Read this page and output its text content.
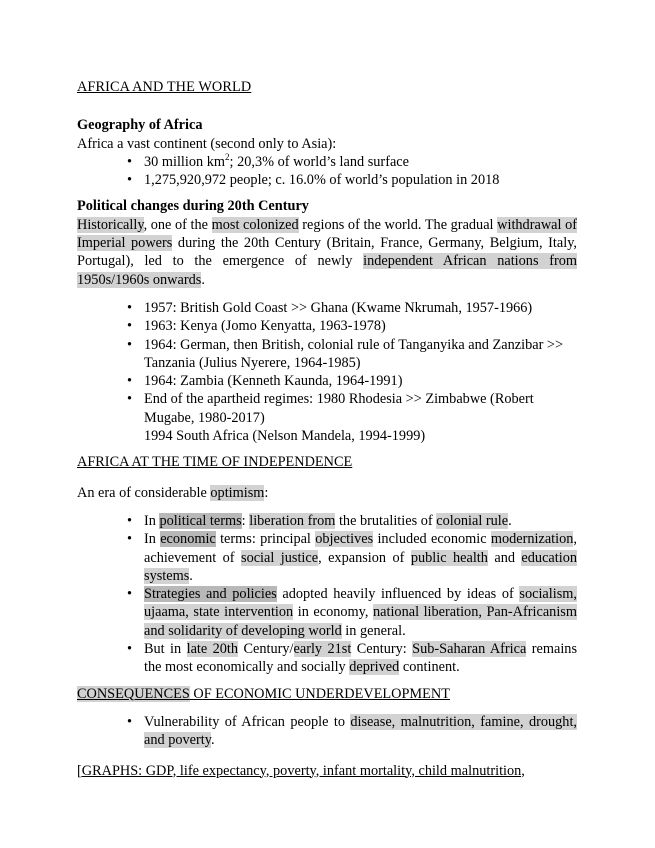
AFRICA AND THE WORLD
Geography of Africa
Africa a vast continent (second only to Asia):
• 30 million $km^2$; 20,3% of world’s land surface
• 1,275,920,972 people; c. 16.0% of world’s population in 2018
Political changes during 20th Century
Historically, one of the most colonized regions of the world. The gradual withdrawal of Imperial powers during the 20th Century (Britain, France, Germany, Belgium, Italy, Portugal), led to the emergence of newly independent African nations from 1950s/1960s onwards.
• 1957: British Gold Coast >> Ghana (Kwame Nkrumah, 1957-1966)
• 1963: Kenya (Jomo Kenyatta, 1963-1978)
• 1964: German, then British, colonial rule of Tanganyika and Zanzibar >> Tanzania (Julius Nyerere, 1964-1985)
• 1964: Zambia (Kenneth Kaunda, 1964-1991)
• End of the apartheid regimes: 1980 Rhodesia >> Zimbabwe (Robert Mugabe, 1980-2017)
1994 South Africa (Nelson Mandela, 1994-1999)
AFRICA AT THE TIME OF INDEPENDENCE
An era of considerable optimism:
• In political terms: liberation from the brutalities of colonial rule.
• In economic terms: principal objectives included economic modernization, achievement of social justice, expansion of public health and education systems.
• Strategies and policies adopted heavily influenced by ideas of socialism, ujaama, state intervention in economy, national liberation, Pan-Africanism and solidarity of developing world in general.
• But in late 20th Century/early 21st Century: Sub-Saharan Africa remains the most economically and socially deprived continent.
CONSEQUENCES OF ECONOMIC UNDERDEVELOPMENT
• Vulnerability of African people to disease, malnutrition, famine, drought, and poverty.
[GRAPHS: GDP, life expectancy, poverty, infant mortality, child malnutrition,
